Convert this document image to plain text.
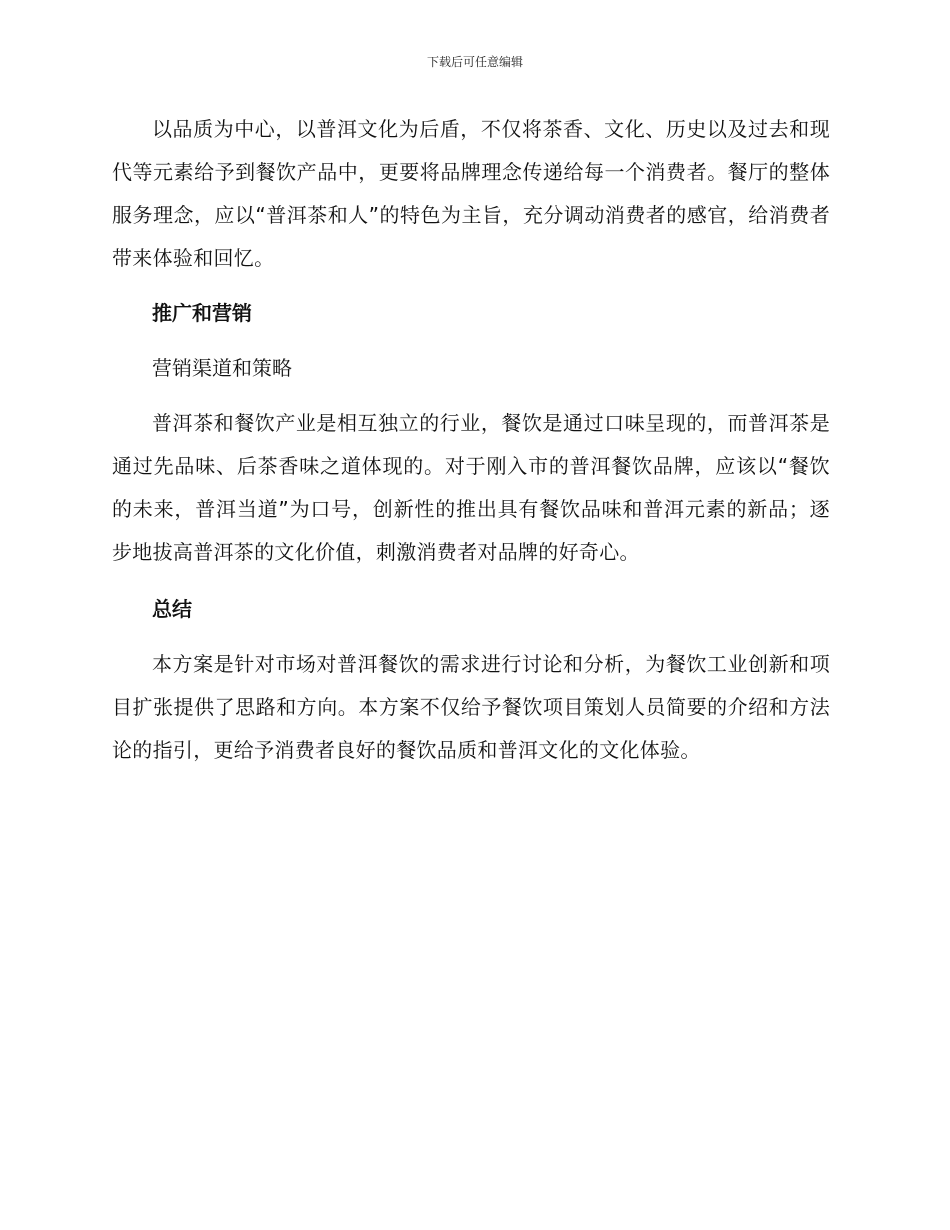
下载后可任意编辑

以品质为中心，以普洱文化为后盾，不仅将茶香、文化、历史以及过去和现代等元素给予到餐饮产品中，更要将品牌理念传递给每一个消费者。餐厅的整体服务理念，应以“普洱茶和人”的特色为主旨，充分调动消费者的感官，给消费者带来体验和回忆。

推广和营销

营销渠道和策略

普洱茶和餐饮产业是相互独立的行业，餐饮是通过口味呈现的，而普洱茶是通过先品味、后茶香味之道体现的。对于刚入市的普洱餐饮品牌，应该以“餐饮的未来，普洱当道”为口号，创新性的推出具有餐饮品味和普洱元素的新品；逐步地拔高普洱茶的文化价值，刺激消费者对品牌的好奇心。

总结

本方案是针对市场对普洱餐饮的需求进行讨论和分析，为餐饮工业创新和项目扩张提供了思路和方向。本方案不仅给予餐饮项目策划人员简要的介绍和方法论的指引，更给予消费者良好的餐饮品质和普洱文化的文化体验。
